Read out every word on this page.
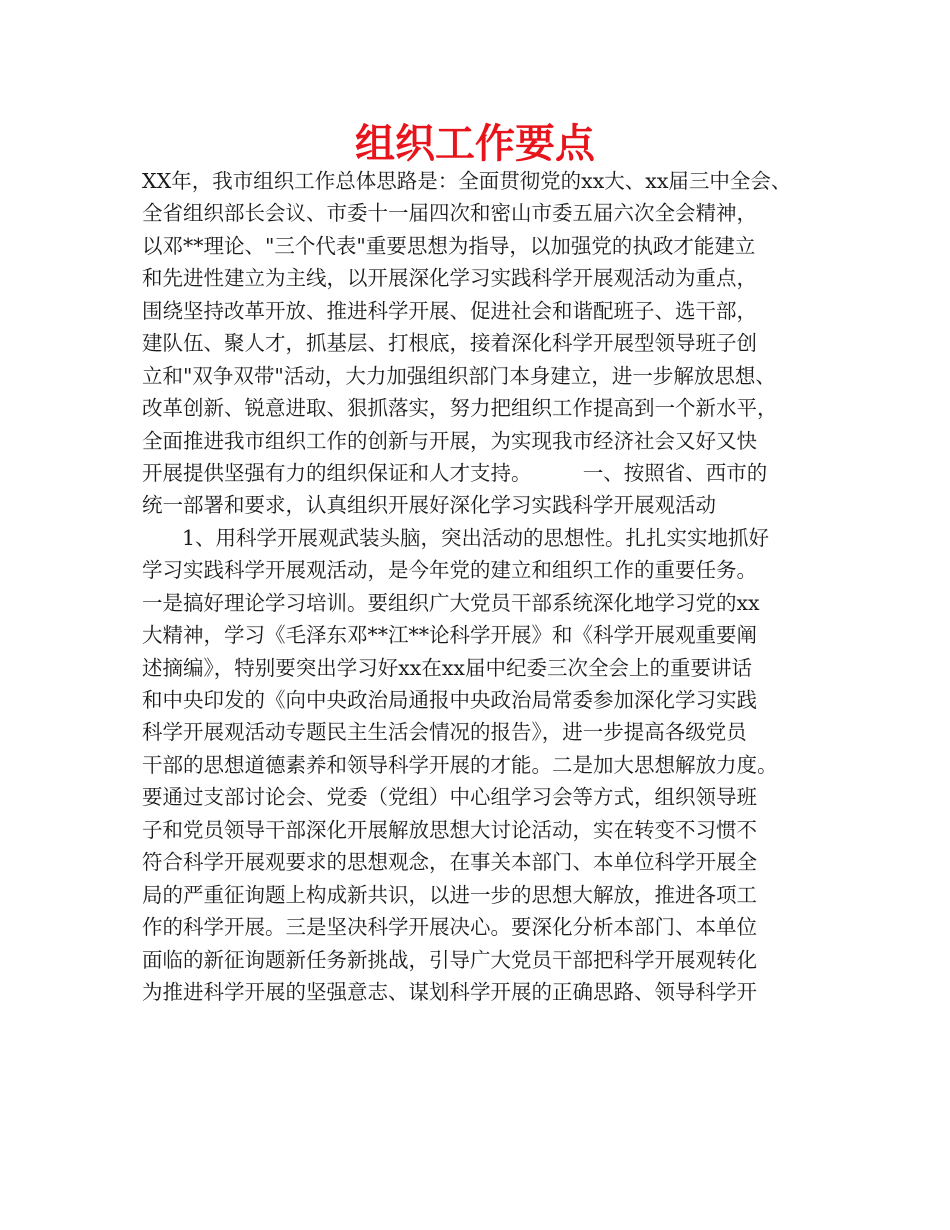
组织工作要点
XX年，我市组织工作总体思路是：全面贯彻党的xx大、xx届三中全会、
全省组织部长会议、市委十一届四次和密山市委五届六次全会精神，
以邓**理论、"三个代表"重要思想为指导，以加强党的执政才能建立
和先进性建立为主线，以开展深化学习实践科学开展观活动为重点，
围绕坚持改革开放、推进科学开展、促进社会和谐配班子、选干部，
建队伍、聚人才，抓基层、打根底，接着深化科学开展型领导班子创
立和"双争双带"活动，大力加强组织部门本身建立，进一步解放思想、
改革创新、锐意进取、狠抓落实，努力把组织工作提高到一个新水平，
全面推进我市组织工作的创新与开展，为实现我市经济社会又好又快
开展提供坚强有力的组织保证和人才支持。　　　一、按照省、西市的
统一部署和要求，认真组织开展好深化学习实践科学开展观活动
1、用科学开展观武装头脑，突出活动的思想性。扎扎实实地抓好
学习实践科学开展观活动，是今年党的建立和组织工作的重要任务。
一是搞好理论学习培训。要组织广大党员干部系统深化地学习党的xx
大精神，学习《毛泽东邓**江**论科学开展》和《科学开展观重要阐
述摘编》，特别要突出学习好xx在xx届中纪委三次全会上的重要讲话
和中央印发的《向中央政治局通报中央政治局常委参加深化学习实践
科学开展观活动专题民主生活会情况的报告》，进一步提高各级党员
干部的思想道德素养和领导科学开展的才能。二是加大思想解放力度。
要通过支部讨论会、党委（党组）中心组学习会等方式，组织领导班
子和党员领导干部深化开展解放思想大讨论活动，实在转变不习惯不
符合科学开展观要求的思想观念，在事关本部门、本单位科学开展全
局的严重征询题上构成新共识，以进一步的思想大解放，推进各项工
作的科学开展。三是坚决科学开展决心。要深化分析本部门、本单位
面临的新征询题新任务新挑战，引导广大党员干部把科学开展观转化
为推进科学开展的坚强意志、谋划科学开展的正确思路、领导科学开
